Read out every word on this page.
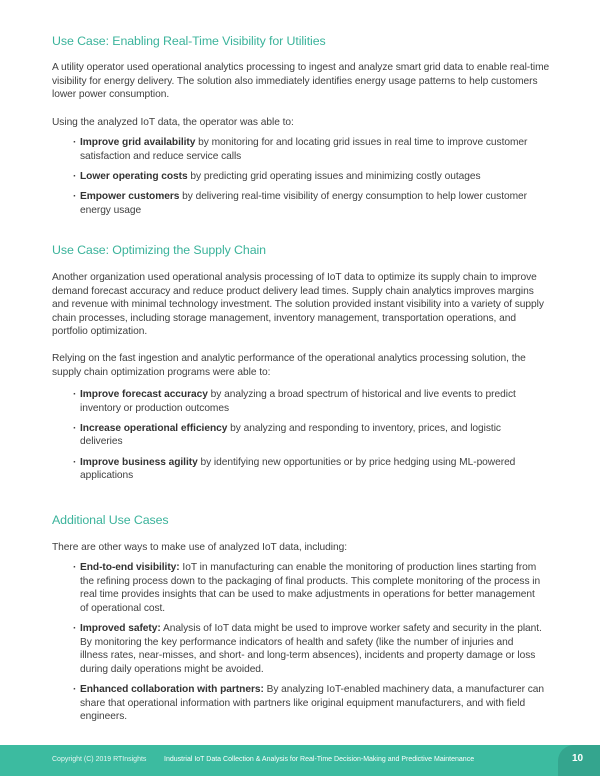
Use Case: Enabling Real-Time Visibility for Utilities

A utility operator used operational analytics processing to ingest and analyze smart grid data to enable real-time visibility for energy delivery. The solution also immediately identifies energy usage patterns to help customers lower power consumption.

Using the analyzed IoT data, the operator was able to:

· Improve grid availability by monitoring for and locating grid issues in real time to improve customer satisfaction and reduce service calls
· Lower operating costs by predicting grid operating issues and minimizing costly outages
· Empower customers by delivering real-time visibility of energy consumption to help lower customer energy usage
Use Case: Optimizing the Supply Chain

Another organization used operational analysis processing of IoT data to optimize its supply chain to improve demand forecast accuracy and reduce product delivery lead times. Supply chain analytics improves margins and revenue with minimal technology investment. The solution provided instant visibility into a variety of supply chain processes, including storage management, inventory management, transportation operations, and portfolio optimization.

Relying on the fast ingestion and analytic performance of the operational analytics processing solution, the supply chain optimization programs were able to:

· Improve forecast accuracy by analyzing a broad spectrum of historical and live events to predict inventory or production outcomes
· Increase operational efficiency by analyzing and responding to inventory, prices, and logistic deliveries
· Improve business agility by identifying new opportunities or by price hedging using ML-powered applications
Additional Use Cases

There are other ways to make use of analyzed IoT data, including:

· End-to-end visibility: IoT in manufacturing can enable the monitoring of production lines starting from the refining process down to the packaging of final products. This complete monitoring of the process in real time provides insights that can be used to make adjustments in operations for better management of operational cost.
· Improved safety: Analysis of IoT data might be used to improve worker safety and security in the plant. By monitoring the key performance indicators of health and safety (like the number of injuries and illness rates, near-misses, and short- and long-term absences), incidents and property damage or loss during daily operations might be avoided.
· Enhanced collaboration with partners: By analyzing IoT-enabled machinery data, a manufacturer can share that operational information with partners like original equipment manufacturers, and with field engineers.
Copyright (C) 2019 RTInsights	Industrial IoT Data Collection & Analysis for Real-Time Decision-Making and Predictive Maintenance	10
